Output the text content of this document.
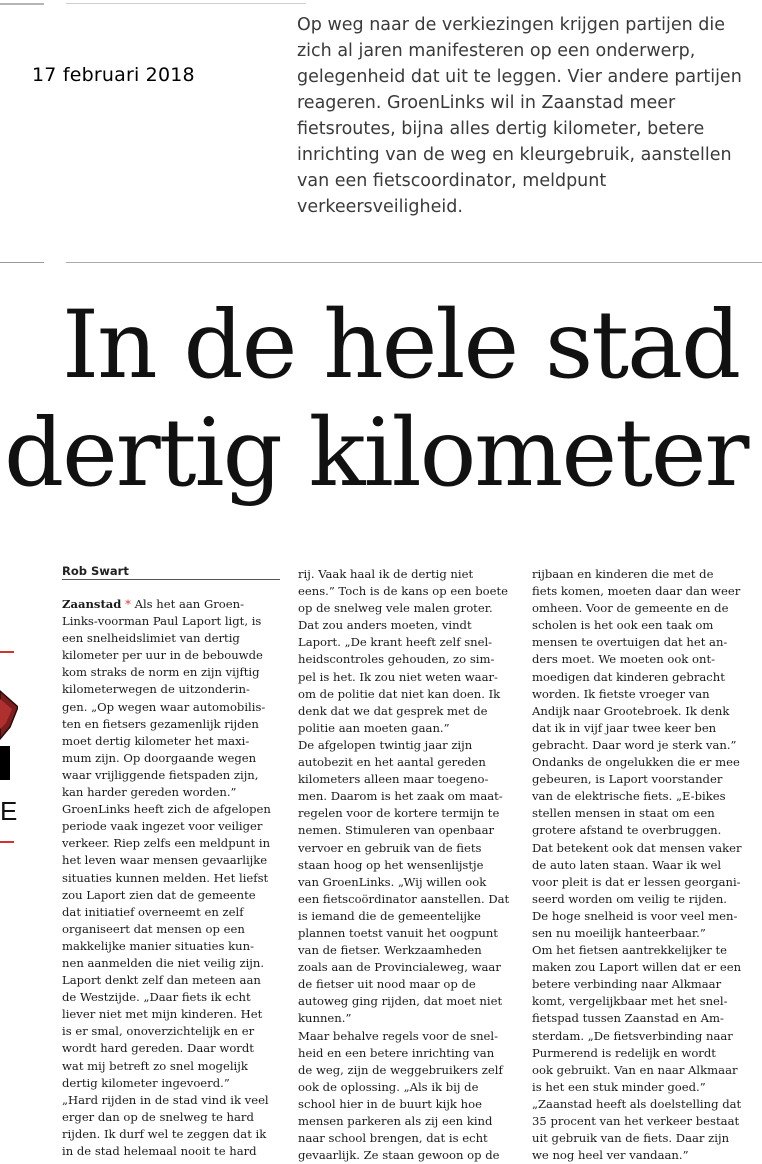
17 februari 2018
Op weg naar de verkiezingen krijgen partijen die
zich al jaren manifesteren op een onderwerp,
gelegenheid dat uit te leggen. Vier andere partijen
reageren. GroenLinks wil in Zaanstad meer
fietsroutes, bijna alles dertig kilometer, betere
inrichting van de weg en kleurgebruik, aanstellen
van een fietscoordinator, meldpunt
verkeersveiligheid.
In de hele stad
dertig kilometer
Rob Swart
Zaanstad * Als het aan Groen-
Links-voorman Paul Laport ligt, is
een snelheidslimiet van dertig
kilometer per uur in de bebouwde
kom straks de norm en zijn vijftig
kilometerwegen de uitzonderin-
gen. „Op wegen waar automobilis-
ten en fietsers gezamenlijk rijden
moet dertig kilometer het maxi-
mum zijn. Op doorgaande wegen
waar vrijliggende fietspaden zijn,
kan harder gereden worden.”
GroenLinks heeft zich de afgelopen
periode vaak ingezet voor veiliger
verkeer. Riep zelfs een meldpunt in
het leven waar mensen gevaarlijke
situaties kunnen melden. Het liefst
zou Laport zien dat de gemeente
dat initiatief overneemt en zelf
organiseert dat mensen op een
makkelijke manier situaties kun-
nen aanmelden die niet veilig zijn.
Laport denkt zelf dan meteen aan
de Westzijde. „Daar fiets ik echt
liever niet met mijn kinderen. Het
is er smal, onoverzichtelijk en er
wordt hard gereden. Daar wordt
wat mij betreft zo snel mogelijk
dertig kilometer ingevoerd.”
„Hard rijden in de stad vind ik veel
erger dan op de snelweg te hard
rijden. Ik durf wel te zeggen dat ik
in de stad helemaal nooit te hard
rij. Vaak haal ik de dertig niet
eens.” Toch is de kans op een boete
op de snelweg vele malen groter.
Dat zou anders moeten, vindt
Laport. „De krant heeft zelf snel-
heidscontroles gehouden, zo sim-
pel is het. Ik zou niet weten waar-
om de politie dat niet kan doen. Ik
denk dat we dat gesprek met de
politie aan moeten gaan.”
De afgelopen twintig jaar zijn
autobezit en het aantal gereden
kilometers alleen maar toegeno-
men. Daarom is het zaak om maat-
regelen voor de kortere termijn te
nemen. Stimuleren van openbaar
vervoer en gebruik van de fiets
staan hoog op het wensenlijstje
van GroenLinks. „Wij willen ook
een fietscoördinator aanstellen. Dat
is iemand die de gemeentelijke
plannen toetst vanuit het oogpunt
van de fietser. Werkzaamheden
zoals aan de Provincialeweg, waar
de fietser uit nood maar op de
autoweg ging rijden, dat moet niet
kunnen.”
Maar behalve regels voor de snel-
heid en een betere inrichting van
de weg, zijn de weggebruikers zelf
ook de oplossing. „Als ik bij de
school hier in de buurt kijk hoe
mensen parkeren als zij een kind
naar school brengen, dat is echt
gevaarlijk. Ze staan gewoon op de
rijbaan en kinderen die met de
fiets komen, moeten daar dan weer
omheen. Voor de gemeente en de
scholen is het ook een taak om
mensen te overtuigen dat het an-
ders moet. We moeten ook ont-
moedigen dat kinderen gebracht
worden. Ik fietste vroeger van
Andijk naar Grootebroek. Ik denk
dat ik in vijf jaar twee keer ben
gebracht. Daar word je sterk van.”
Ondanks de ongelukken die er mee
gebeuren, is Laport voorstander
van de elektrische fiets. „E-bikes
stellen mensen in staat om een
grotere afstand te overbruggen.
Dat betekent ook dat mensen vaker
de auto laten staan. Waar ik wel
voor pleit is dat er lessen georgani-
seerd worden om veilig te rijden.
De hoge snelheid is voor veel men-
sen nu moeilijk hanteerbaar.”
Om het fietsen aantrekkelijker te
maken zou Laport willen dat er een
betere verbinding naar Alkmaar
komt, vergelijkbaar met het snel-
fietspad tussen Zaanstad en Am-
sterdam. „De fietsverbinding naar
Purmerend is redelijk en wordt
ook gebruikt. Van en naar Alkmaar
is het een stuk minder goed.”
„Zaanstad heeft als doelstelling dat
35 procent van het verkeer bestaat
uit gebruik van de fiets. Daar zijn
we nog heel ver vandaan.”
E
